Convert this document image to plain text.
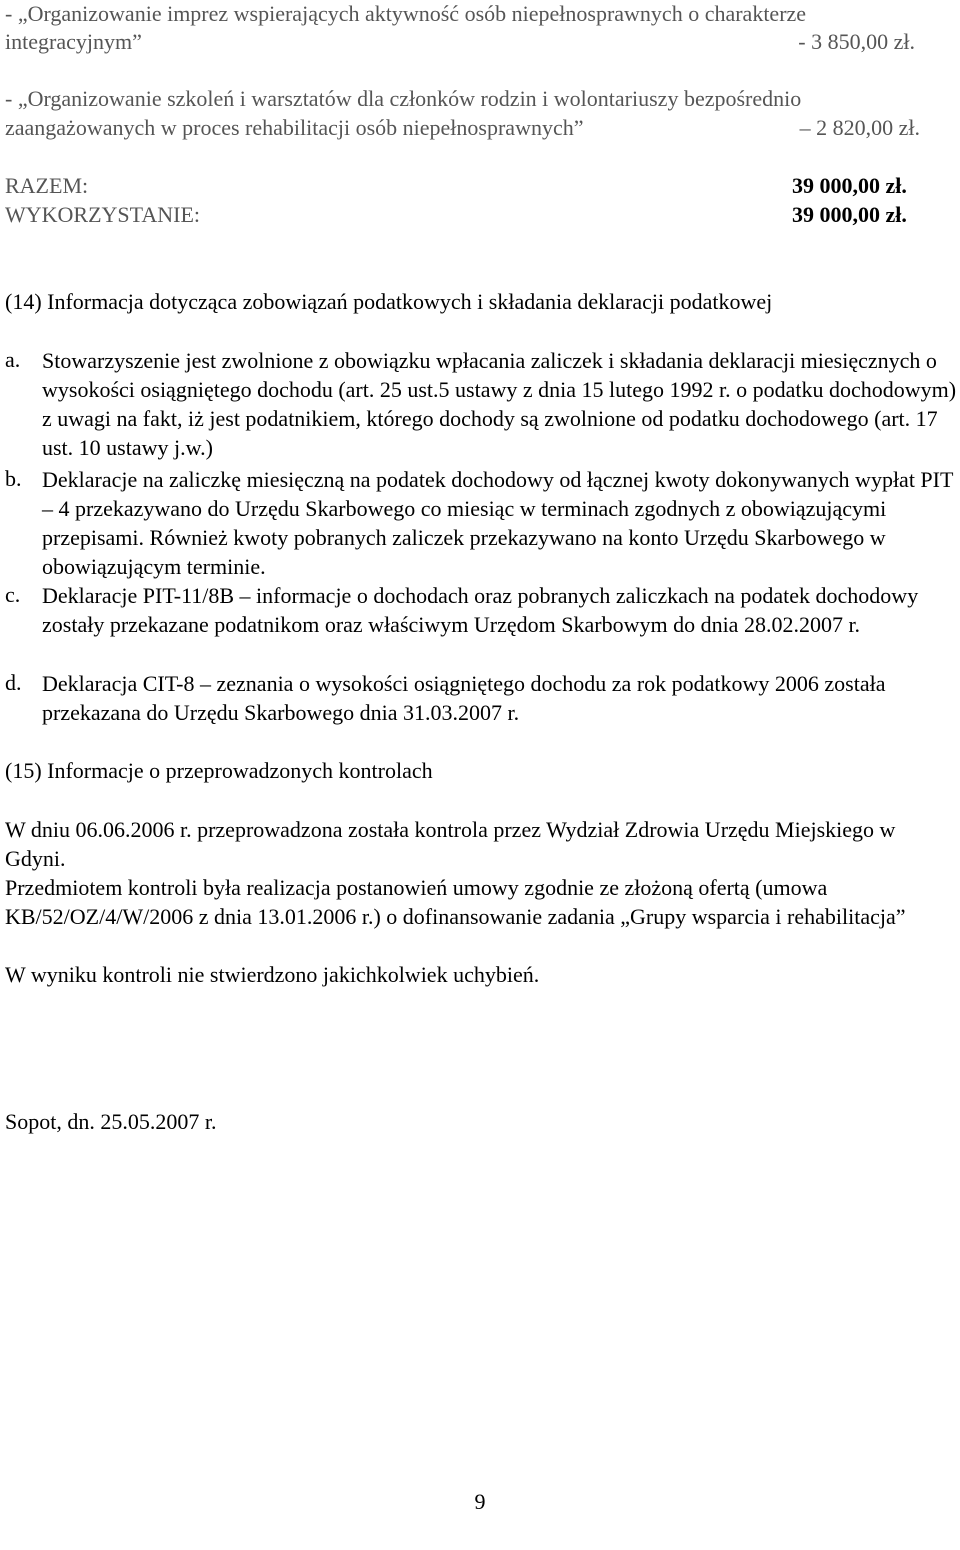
- „Organizowanie imprez wspierających aktywność osób niepełnosprawnych o charakterze
integracyjnym”	- 3 850,00 zł.
- „Organizowanie szkoleń i warsztatów dla członków rodzin i wolontariuszy bezpośrednio
zaangażowanych w proces rehabilitacji osób niepełnosprawnych”	– 2 820,00 zł.
RAZEM:	39 000,00 zł.
WYKORZYSTANIE:	39 000,00 zł.
(14) Informacja dotycząca zobowiązań podatkowych i składania deklaracji podatkowej
a. Stowarzyszenie jest zwolnione z obowiązku wpłacania zaliczek i składania deklaracji miesięcznych o wysokości osiągniętego dochodu (art. 25 ust.5 ustawy z dnia 15 lutego 1992 r. o podatku dochodowym) z uwagi na fakt, iż jest podatnikiem, którego dochody są zwolnione od podatku dochodowego (art. 17 ust. 10 ustawy j.w.)
b. Deklaracje na zaliczkę miesięczną na podatek dochodowy od łącznej kwoty dokonywanych wypłat PIT – 4 przekazywano do Urzędu Skarbowego co miesiąc w terminach zgodnych z obowiązującymi przepisami. Również kwoty pobranych zaliczek przekazywano na konto Urzędu Skarbowego w obowiązującym terminie.
c. Deklaracje PIT-11/8B – informacje o dochodach oraz pobranych zaliczkach na podatek dochodowy zostały przekazane podatnikom oraz właściwym Urzędom Skarbowym do dnia 28.02.2007 r.
d. Deklaracja CIT-8 – zeznania o wysokości osiągniętego dochodu za rok podatkowy 2006 została przekazana do Urzędu Skarbowego dnia 31.03.2007 r.
(15) Informacje o przeprowadzonych kontrolach
W dniu 06.06.2006 r. przeprowadzona została kontrola przez Wydział Zdrowia Urzędu Miejskiego w Gdyni.
Przedmiotem kontroli była realizacja postanowień umowy zgodnie ze złożoną ofertą (umowa KB/52/OZ/4/W/2006 z dnia 13.01.2006 r.) o dofinansowanie zadania „Grupy wsparcia i rehabilitacja”
W wyniku kontroli nie stwierdzono jakichkolwiek uchybień.
Sopot, dn. 25.05.2007 r.
9
